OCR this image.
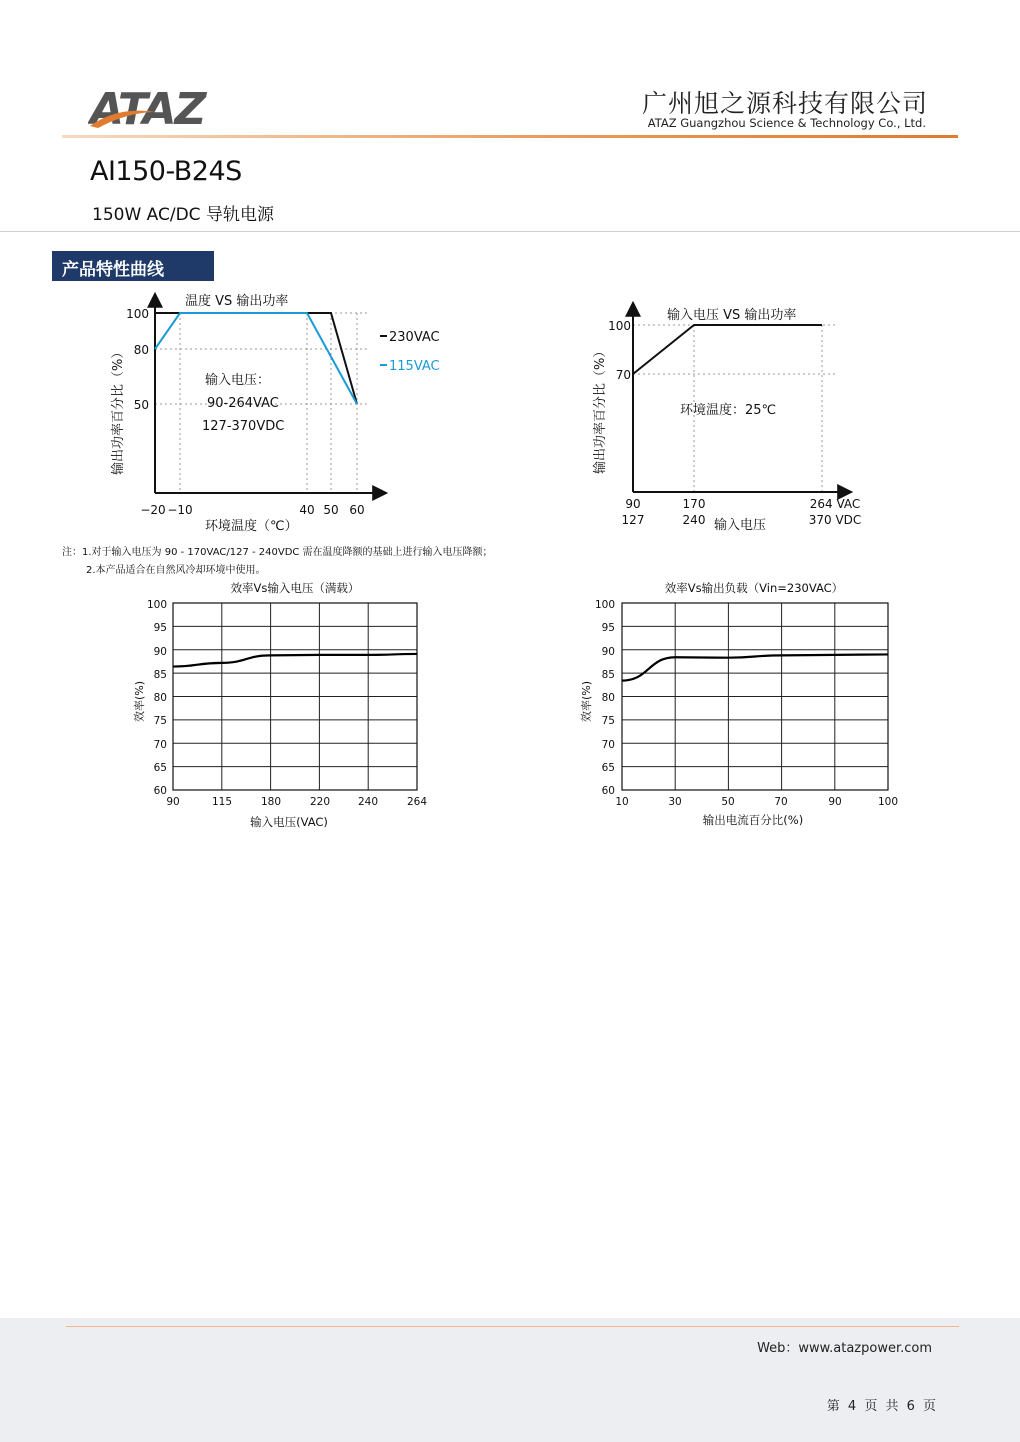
ATAZ	广州旭之源科技有限公司
ATAZ Guangzhou Science & Technology Co., Ltd.
AI150-B24S
150W AC/DC 导轨电源
产品特性曲线
温度 VS 输出功率
100
80
50
−20 −10	40 50 60
环境温度（℃）
输出功率百分比（%）	输入电压：
90-264VAC
127-370VDC
230VAC
115VAC
输入电压 VS 输出功率
100
70
90	170	264 VAC
127	240	370 VDC
输入电压
输出功率百分比（%）	环境温度：25℃
注：1.对于输入电压为 90 - 170VAC/127 - 240VDC 需在温度降额的基础上进行输入电压降额；
2.本产品适合在自然风冷却环境中使用。
效率Vs输入电压（满载）
100
95
90
85
80
75
70
65
60
90	115	180	220	240	264
输入电压(VAC)
效率(%)
效率Vs输出负载（Vin=230VAC）
100
95
90
85
80
75
70
65
60
10	30	50	70	90	100
输出电流百分比(%)
效率(%)
Web：www.atazpower.com
第 4 页 共 6 页
